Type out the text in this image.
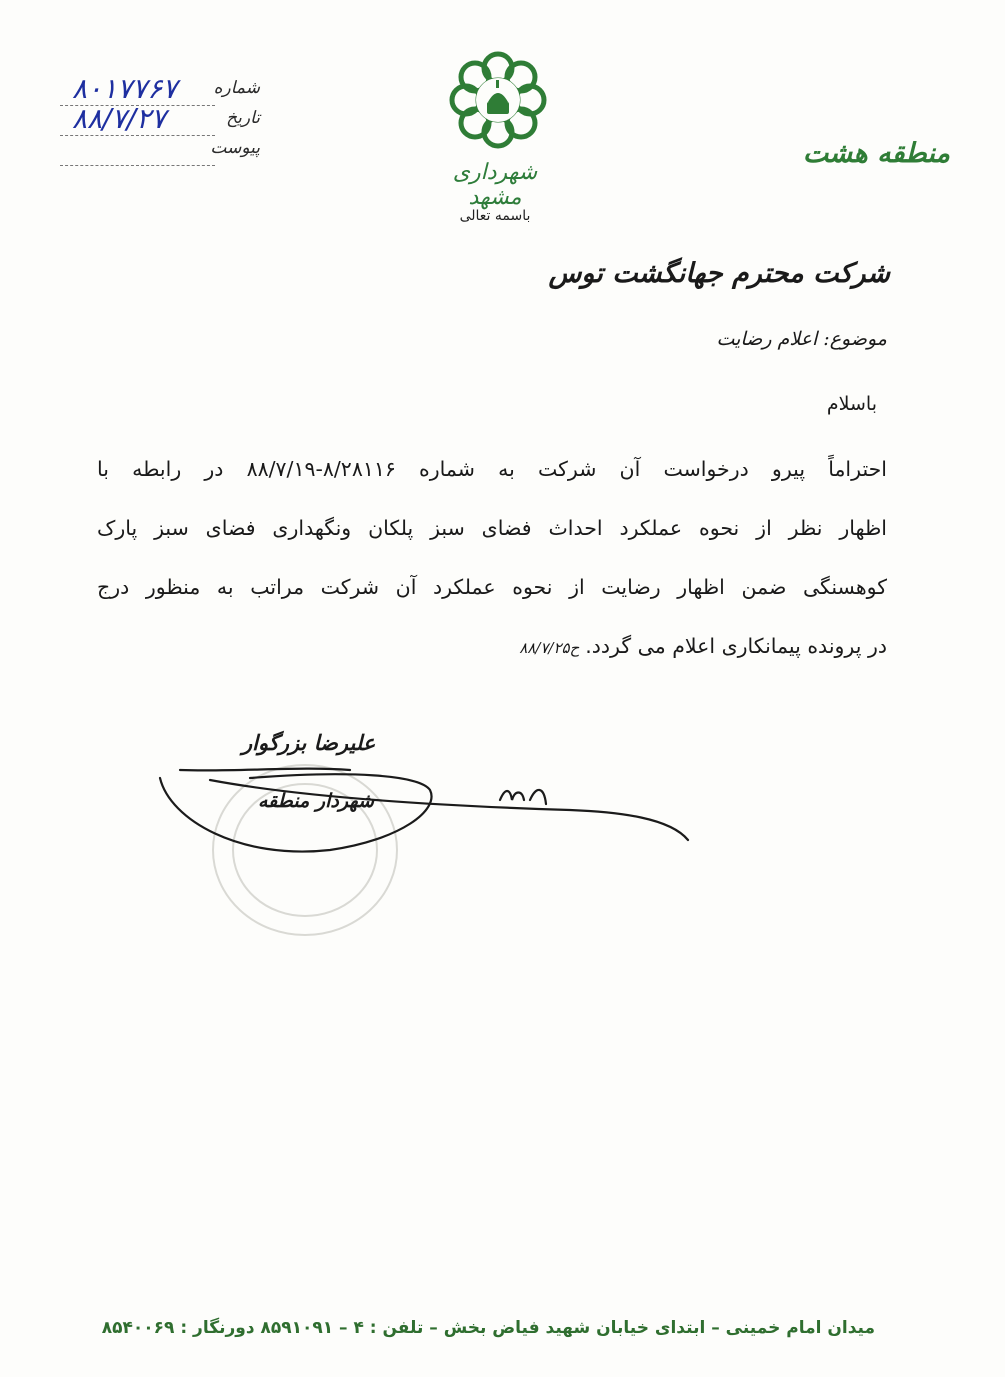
۸۰۱۷۷۶۷ شماره
۸۸/۷/۲۷	تاریخ
پیوست
شهرداری مشهد
باسمه تعالی
منطقه هشت
شرکت محترم جهانگشت توس
موضوع: اعلام رضایت
باسلام
احتراماً پیرو درخواست آن شرکت به شماره ۸/۲۸۱۱۶-۸۸/۷/۱۹ در رابطه با
اظهار نظر از نحوه عملکرد احداث فضای سبز پلکان ونگهداری فضای سبز پارک
کوهسنگی ضمن اظهار رضایت از نحوه عملکرد آن شرکت مراتب به منظور درج
در پرونده پیمانکاری اعلام می گردد.ح۸۸/۷/۲۵
علیرضا بزرگوار
شهردار منطقه
میدان امام خمینی – ابتدای خیابان شهید فیاض بخش – تلفن : ۴ – ۸۵۹۱۰۹۱ دورنگار : ۸۵۴۰۰۶۹
